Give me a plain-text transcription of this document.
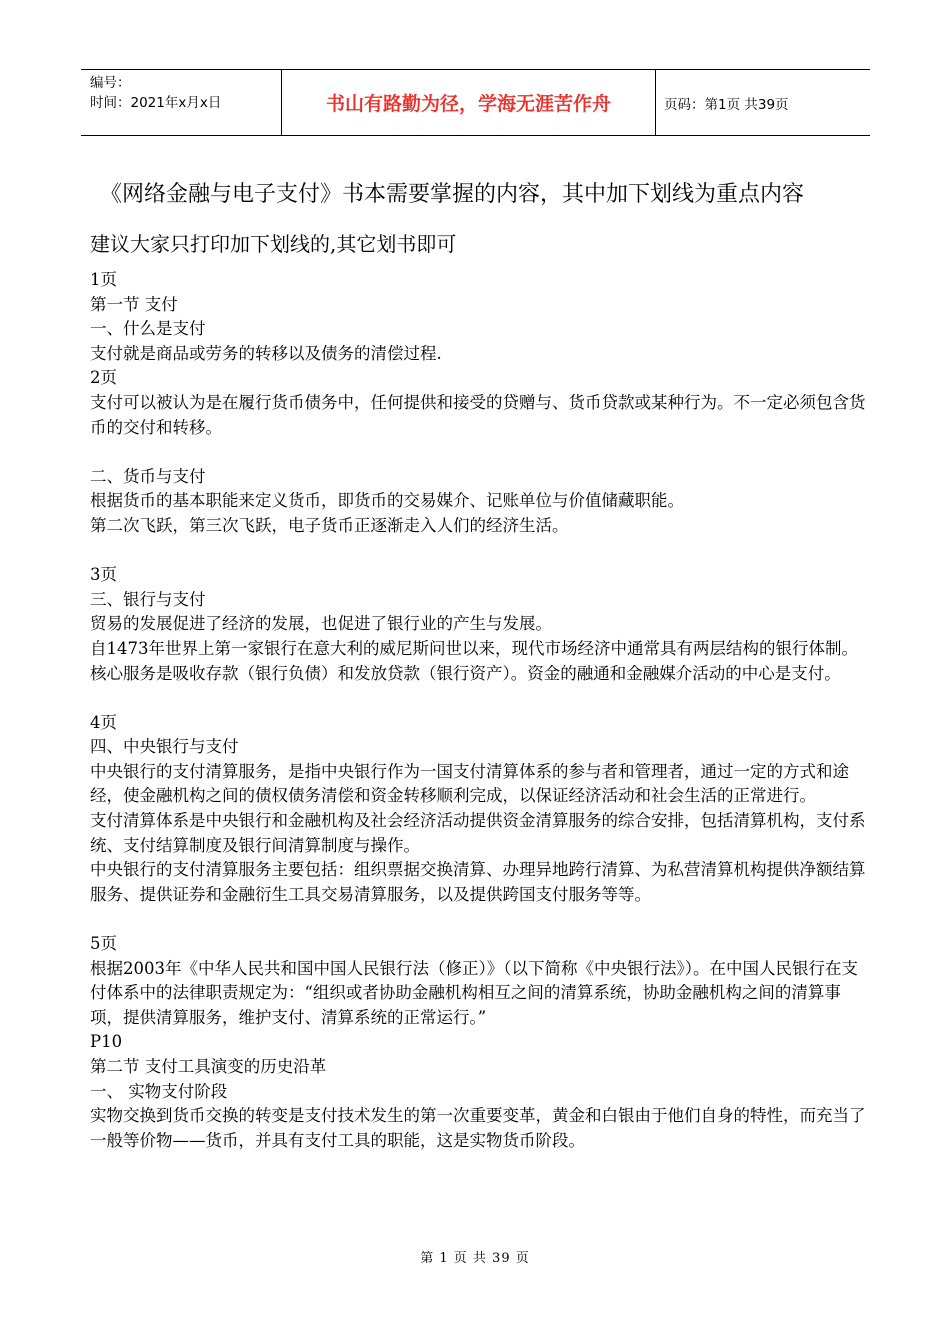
编号：
时间：2021年x月x日	书山有路勤为径，学海无涯苦作舟	页码：第1页 共39页
《网络金融与电子支付》书本需要掌握的内容，其中加下划线为重点内容
建议大家只打印加下划线的,其它划书即可

1页

第一节 支付

一、什么是支付

支付就是商品或劳务的转移以及债务的清偿过程.

2页

支付可以被认为是在履行货币债务中，任何提供和接受的贷赠与、货币贷款或某种行为。不一定必须包含货币的交付和转移。

二、货币与支付

根据货币的基本职能来定义货币，即货币的交易媒介、记账单位与价值储藏职能。

第二次飞跃，第三次飞跃，电子货币正逐渐走入人们的经济生活。

3页

三、银行与支付

贸易的发展促进了经济的发展，也促进了银行业的产生与发展。

自1473年世界上第一家银行在意大利的威尼斯问世以来，现代市场经济中通常具有两层结构的银行体制。核心服务是吸收存款（银行负债）和发放贷款（银行资产）。资金的融通和金融媒介活动的中心是支付。

4页

四、中央银行与支付

中央银行的支付清算服务，是指中央银行作为一国支付清算体系的参与者和管理者，通过一定的方式和途经，使金融机构之间的债权债务清偿和资金转移顺利完成，以保证经济活动和社会生活的正常进行。

支付清算体系是中央银行和金融机构及社会经济活动提供资金清算服务的综合安排，包括清算机构，支付系统、支付结算制度及银行间清算制度与操作。

中央银行的支付清算服务主要包括：组织票据交换清算、办理异地跨行清算、为私营清算机构提供净额结算服务、提供证券和金融衍生工具交易清算服务，以及提供跨国支付服务等等。

5页

根据2003年《中华人民共和国中国人民银行法（修正）》（以下简称《中央银行法》）。在中国人民银行在支付体系中的法律职责规定为：“组织或者协助金融机构相互之间的清算系统，协助金融机构之间的清算事项，提供清算服务，维护支付、清算系统的正常运行。”

P10

第二节 支付工具演变的历史沿革

一、 实物支付阶段

实物交换到货币交换的转变是支付技术发生的第一次重要变革，黄金和白银由于他们自身的特性，而充当了一般等价物——货币，并具有支付工具的职能，这是实物货币阶段。

第 1 页 共 39 页
